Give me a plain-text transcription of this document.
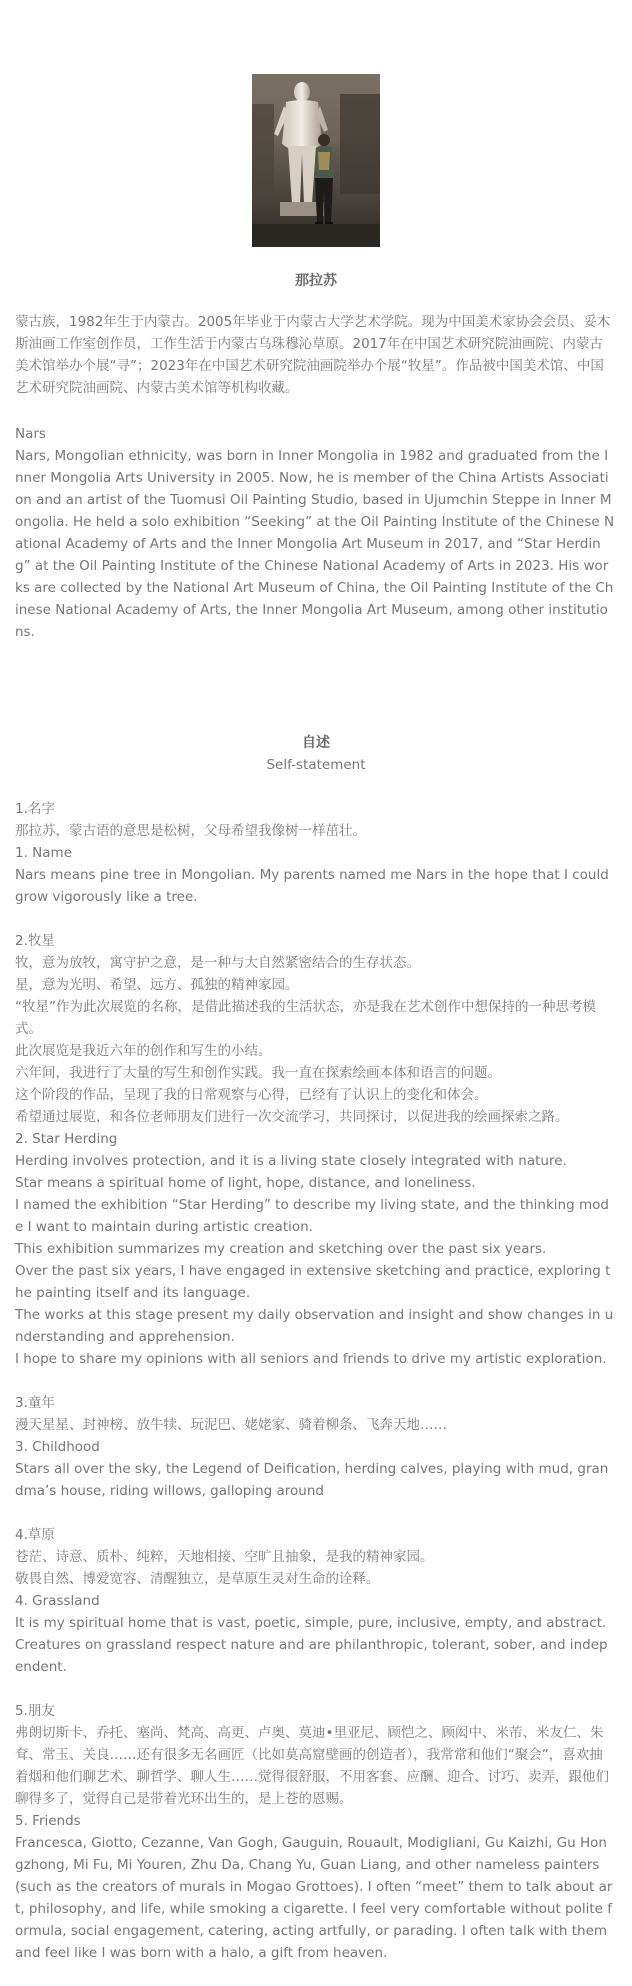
那拉苏
蒙古族，1982年生于内蒙古。2005年毕业于内蒙古大学艺术学院。现为中国美术家协会会员、妥木斯油画工作室创作员，工作生活于内蒙古乌珠穆沁草原。2017年在中国艺术研究院油画院、内蒙古美术馆举办个展“寻”；2023年在中国艺术研究院油画院举办个展“牧星”。作品被中国美术馆、中国艺术研究院油画院、内蒙古美术馆等机构收藏。

Nars

Nars, Mongolian ethnicity, was born in Inner Mongolia in 1982 and graduated from the Inner Mongolia Arts University in 2005. Now, he is member of the China Artists Association and an artist of the Tuomusi Oil Painting Studio, based in Ujumchin Steppe in Inner Mongolia. He held a solo exhibition “Seeking” at the Oil Painting Institute of the Chinese National Academy of Arts and the Inner Mongolia Art Museum in 2017, and “Star Herding” at the Oil Painting Institute of the Chinese National Academy of Arts in 2023. His works are collected by the National Art Museum of China, the Oil Painting Institute of the Chinese National Academy of Arts, the Inner Mongolia Art Museum, among other institutions.

自述
Self-statement

1.名字

那拉苏，蒙古语的意思是松树，父母希望我像树一样茁壮。

1. Name

Nars means pine tree in Mongolian. My parents named me Nars in the hope that I could grow vigorously like a tree.

2.牧星

牧，意为放牧，寓守护之意，是一种与大自然紧密结合的生存状态。

星，意为光明、希望、远方、孤独的精神家园。

“牧星”作为此次展览的名称，是借此描述我的生活状态，亦是我在艺术创作中想保持的一种思考模式。

此次展览是我近六年的创作和写生的小结。

六年间，我进行了大量的写生和创作实践。我一直在探索绘画本体和语言的问题。

这个阶段的作品，呈现了我的日常观察与心得，已经有了认识上的变化和体会。

希望通过展览，和各位老师朋友们进行一次交流学习，共同探讨，以促进我的绘画探索之路。

2. Star Herding

Herding involves protection, and it is a living state closely integrated with nature.

Star means a spiritual home of light, hope, distance, and loneliness.

I named the exhibition “Star Herding” to describe my living state, and the thinking mode I want to maintain during artistic creation.

This exhibition summarizes my creation and sketching over the past six years.

Over the past six years, I have engaged in extensive sketching and practice, exploring the painting itself and its language.

The works at this stage present my daily observation and insight and show changes in understanding and apprehension.

I hope to share my opinions with all seniors and friends to drive my artistic exploration.

3.童年

漫天星星、封神榜、放牛犊、玩泥巴、姥姥家、骑着柳条、飞奔天地……

3. Childhood

Stars all over the sky, the Legend of Deification, herding calves, playing with mud, grandma’s house, riding willows, galloping around

4.草原

苍茫、诗意、质朴、纯粹，天地相接、空旷且抽象，是我的精神家园。

敬畏自然、博爱宽容、清醒独立，是草原生灵对生命的诠释。

4. Grassland

It is my spiritual home that is vast, poetic, simple, pure, inclusive, empty, and abstract.

Creatures on grassland respect nature and are philanthropic, tolerant, sober, and independent.

5.朋友

弗朗切斯卡、乔托、塞尚、梵高、高更、卢奥、莫迪•里亚尼、顾恺之、顾闳中、米芾、米友仁、朱耷、常玉、关良……还有很多无名画匠（比如莫高窟壁画的创造者），我常常和他们“聚会”，喜欢抽着烟和他们聊艺术、聊哲学、聊人生……觉得很舒服，不用客套、应酬、迎合、讨巧、卖弄，跟他们聊得多了，觉得自己是带着光环出生的，是上苍的恩赐。

5. Friends

Francesca, Giotto, Cezanne, Van Gogh, Gauguin, Rouault, Modigliani, Gu Kaizhi, Gu Hongzhong, Mi Fu, Mi Youren, Zhu Da, Chang Yu, Guan Liang, and other nameless painters (such as the creators of murals in Mogao Grottoes). I often “meet” them to talk about art, philosophy, and life, while smoking a cigarette. I feel very comfortable without polite formula, social engagement, catering, acting artfully, or parading. I often talk with them and feel like I was born with a halo, a gift from heaven.
